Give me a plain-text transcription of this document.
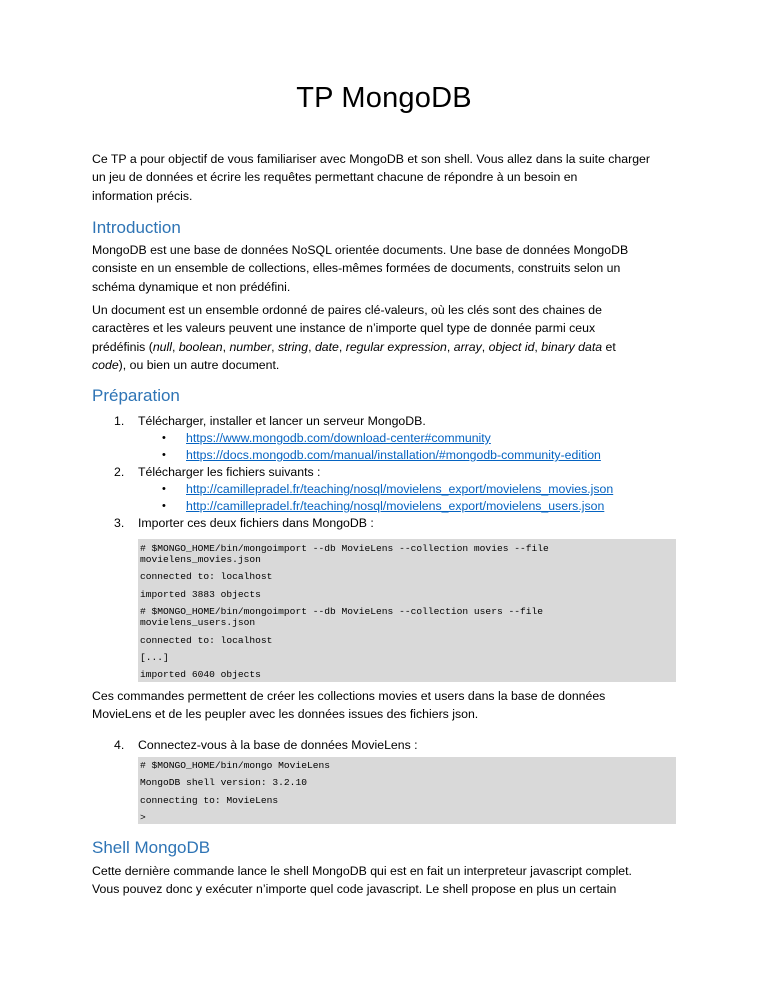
TP MongoDB
Ce TP a pour objectif de vous familiariser avec MongoDB et son shell. Vous allez dans la suite charger
un jeu de données et écrire les requêtes permettant chacune de répondre à un besoin en
information précis.
Introduction
MongoDB est une base de données NoSQL orientée documents. Une base de données MongoDB
consiste en un ensemble de collections, elles-mêmes formées de documents, construits selon un
schéma dynamique et non prédéfini.
Un document est un ensemble ordonné de paires clé-valeurs, où les clés sont des chaines de
caractères et les valeurs peuvent une instance de n’importe quel type de donnée parmi ceux
prédéfinis (null, boolean, number, string, date, regular expression, array, object id, binary data et
code), ou bien un autre document.
Préparation
1. Télécharger, installer et lancer un serveur MongoDB.
• https://www.mongodb.com/download-center#community
• https://docs.mongodb.com/manual/installation/#mongodb-community-edition
2. Télécharger les fichiers suivants :
• http://camillepradel.fr/teaching/nosql/movielens_export/movielens_movies.json
• http://camillepradel.fr/teaching/nosql/movielens_export/movielens_users.json
3. Importer ces deux fichiers dans MongoDB :
# $MONGO_HOME/bin/mongoimport --db MovieLens --collection movies --file
movielens_movies.json
connected to: localhost
imported 3883 objects
# $MONGO_HOME/bin/mongoimport --db MovieLens --collection users --file
movielens_users.json
connected to: localhost
[...]
imported 6040 objects
Ces commandes permettent de créer les collections movies et users dans la base de données
MovieLens et de les peupler avec les données issues des fichiers json.
4. Connectez-vous à la base de données MovieLens :
# $MONGO_HOME/bin/mongo MovieLens
MongoDB shell version: 3.2.10
connecting to: MovieLens
>
Shell MongoDB
Cette dernière commande lance le shell MongoDB qui est en fait un interpreteur javascript complet.
Vous pouvez donc y exécuter n’importe quel code javascript. Le shell propose en plus un certain
